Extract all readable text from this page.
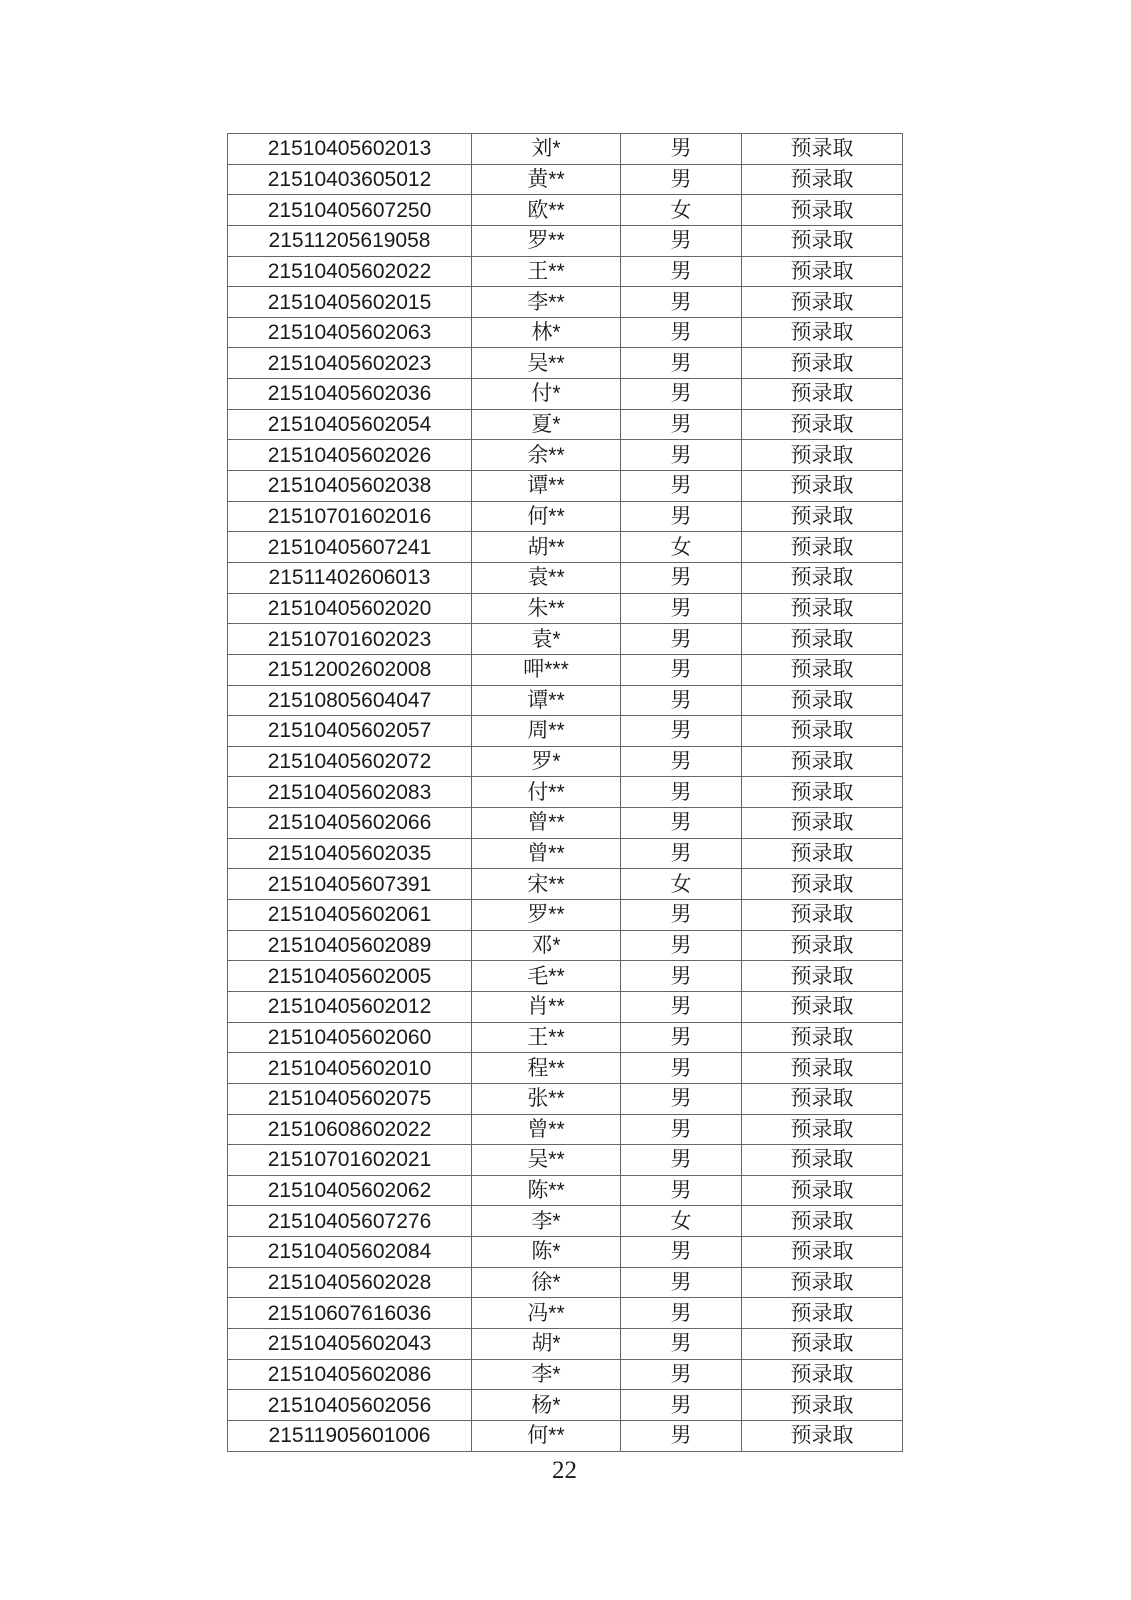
21510405602013	刘*	男	预录取
21510403605012	黄**	男	预录取
21510405607250	欧**	女	预录取
21511205619058	罗**	男	预录取
21510405602022	王**	男	预录取
21510405602015	李**	男	预录取
21510405602063	林*	男	预录取
21510405602023	吴**	男	预录取
21510405602036	付*	男	预录取
21510405602054	夏*	男	预录取
21510405602026	余**	男	预录取
21510405602038	谭**	男	预录取
21510701602016	何**	男	预录取
21510405607241	胡**	女	预录取
21511402606013	袁**	男	预录取
21510405602020	朱**	男	预录取
21510701602023	袁*	男	预录取
21512002602008	呷***	男	预录取
21510805604047	谭**	男	预录取
21510405602057	周**	男	预录取
21510405602072	罗*	男	预录取
21510405602083	付**	男	预录取
21510405602066	曾**	男	预录取
21510405602035	曾**	男	预录取
21510405607391	宋**	女	预录取
21510405602061	罗**	男	预录取
21510405602089	邓*	男	预录取
21510405602005	毛**	男	预录取
21510405602012	肖**	男	预录取
21510405602060	王**	男	预录取
21510405602010	程**	男	预录取
21510405602075	张**	男	预录取
21510608602022	曾**	男	预录取
21510701602021	吴**	男	预录取
21510405602062	陈**	男	预录取
21510405607276	李*	女	预录取
21510405602084	陈*	男	预录取
21510405602028	徐*	男	预录取
21510607616036	冯**	男	预录取
21510405602043	胡*	男	预录取
21510405602086	李*	男	预录取
21510405602056	杨*	男	预录取
21511905601006	何**	男	预录取
22
